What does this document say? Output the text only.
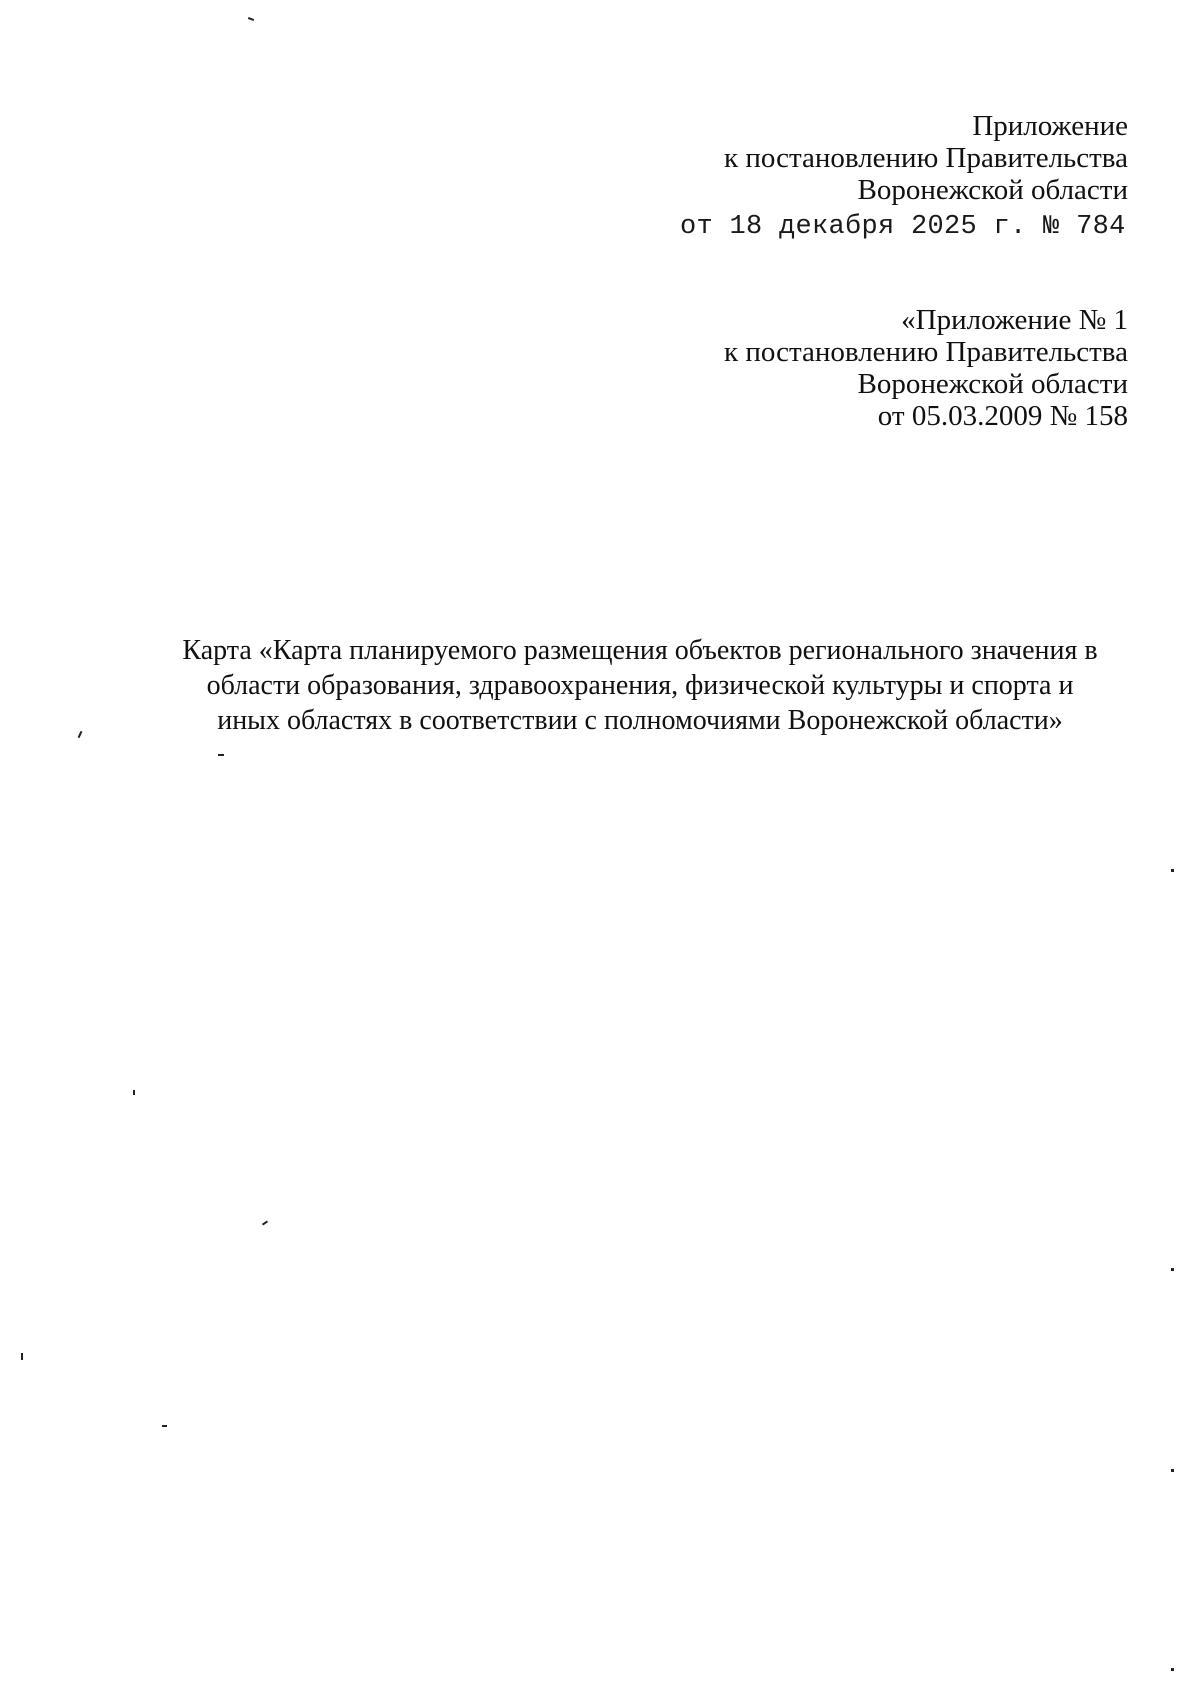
Приложение
к постановлению Правительства
Воронежской области
от 18 декабря 2025 г. № 784
«Приложение № 1
к постановлению Правительства
Воронежской области
от 05.03.2009 № 158
Карта «Карта планируемого размещения объектов регионального значения в
области образования, здравоохранения, физической культуры и спорта и
иных областях в соответствии с полномочиями Воронежской области»
